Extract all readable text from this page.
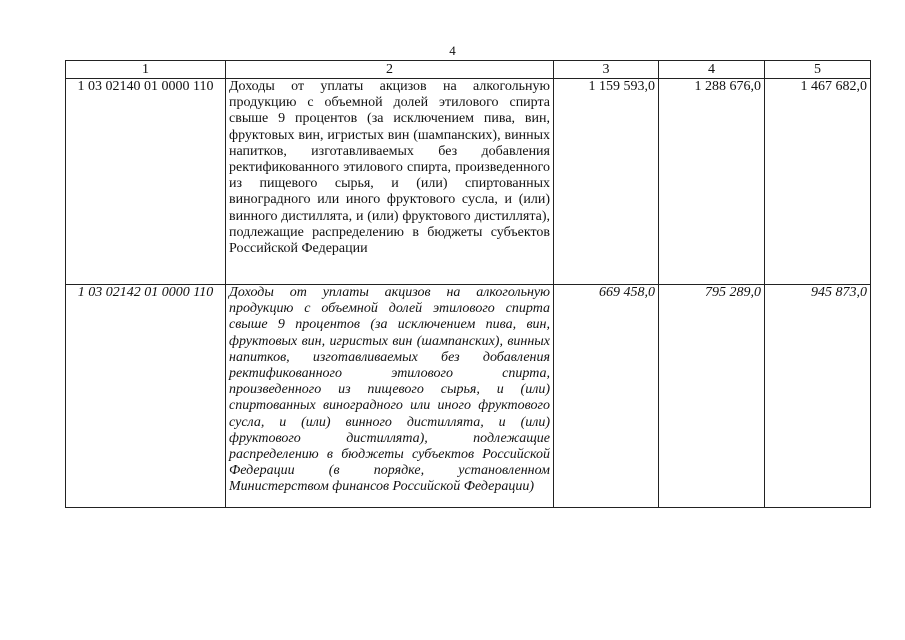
4
1	2	3	4	5
1 03 02140 01 0000 110	Доходы от уплаты акцизов на алкогольную продукцию с объемной долей этилового спирта свыше 9 процентов (за исключением пива, вин, фруктовых вин, игристых вин (шампанских), винных напитков, изготавливаемых без добавления ректификованного этилового спирта, произведенного из пищевого сырья, и (или) спиртованных виноградного или иного фруктового сусла, и (или) винного дистиллята, и (или) фруктового дистиллята), подлежащие распределению в бюджеты субъектов Российской Федерации	1 159 593,0	1 288 676,0	1 467 682,0
1 03 02142 01 0000 110	Доходы от уплаты акцизов на алкогольную продукцию с объемной долей этилового спирта свыше 9 процентов (за исключением пива, вин, фруктовых вин, игристых вин (шампанских), винных напитков, изготавливаемых без добавления ректификованного этилового спирта, произведенного из пищевого сырья, и (или) спиртованных виноградного или иного фруктового сусла, и (или) винного дистиллята, и (или) фруктового дистиллята), подлежащие распределению в бюджеты субъектов Российской Федерации (в порядке, установленном Министерством финансов Российской Федерации)	669 458,0	795 289,0	945 873,0
